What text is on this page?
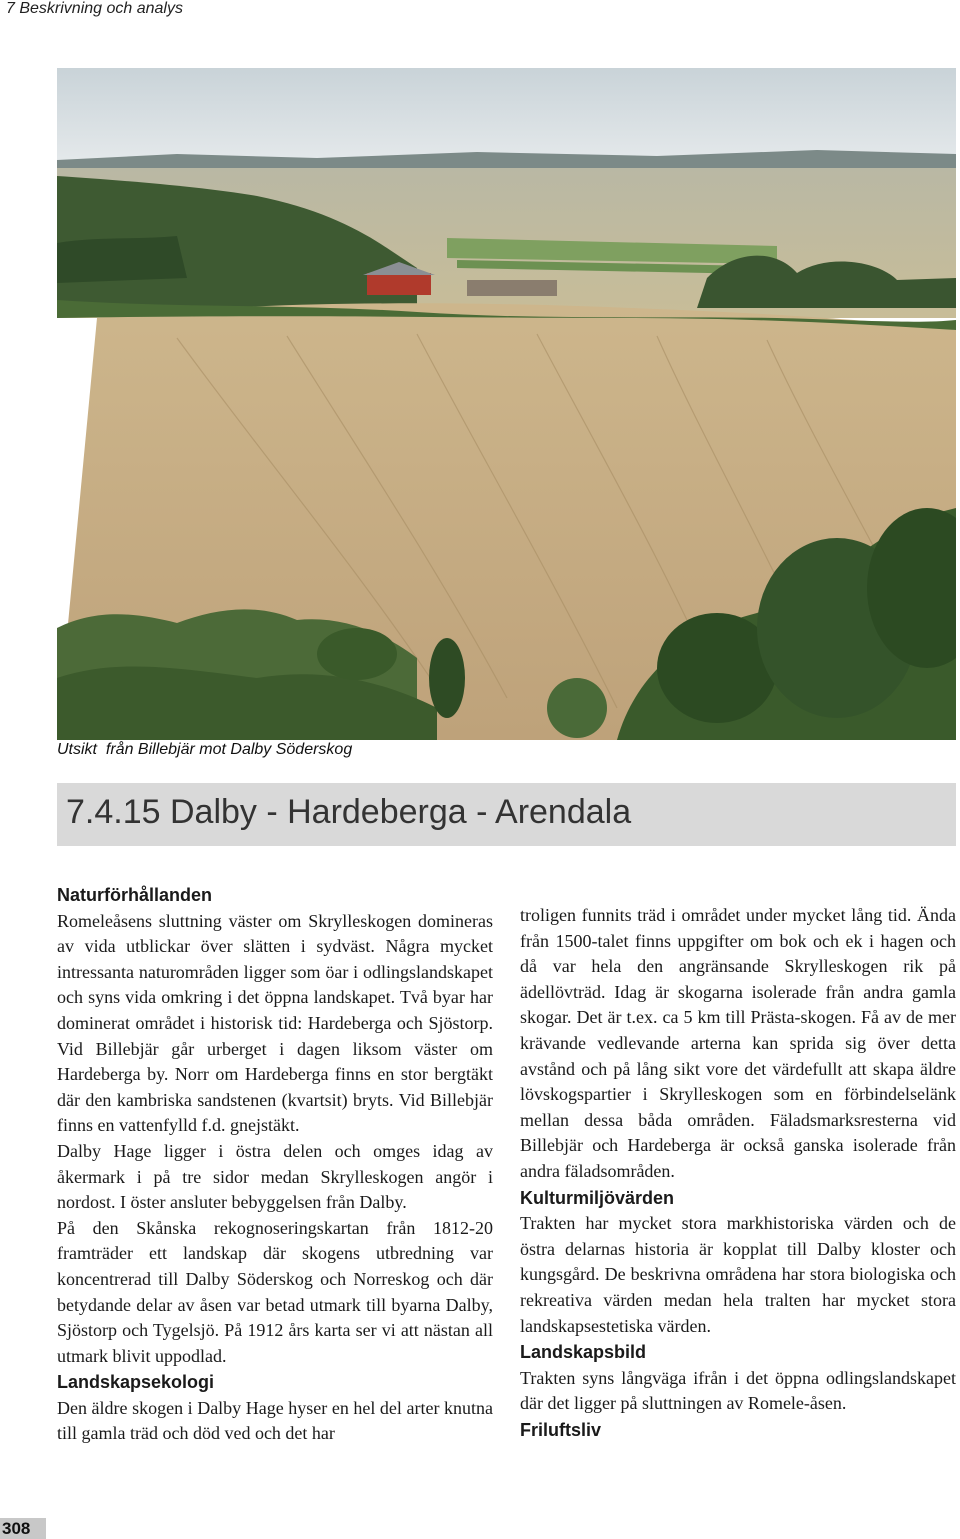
7 Beskrivning och analys
Utsikt  från Billebjär mot Dalby Söderskog
7.4.15 Dalby - Hardeberga - Arendala
Naturförhållanden

Romeleåsens sluttning väster om Skrylleskogen domineras av vida utblickar över slätten i sydväst. Några mycket intressanta naturområden ligger som öar i odlingslandskapet och syns vida omkring i det öppna landskapet. Två byar har dominerat området i historisk tid: Hardeberga och Sjöstorp. Vid Billebjär går urberget i dagen liksom väster om Hardeberga by. Norr om Hardeberga finns en stor bergtäkt där den kambriska sandstenen (kvartsit) bryts. Vid Billebjär finns en vattenfylld f.d. gnejstäkt.

Dalby Hage ligger i östra delen och omges idag av åkermark i på tre sidor medan Skrylleskogen angör i nordost. I öster ansluter bebyggelsen från Dalby.

På den Skånska rekognoseringskartan från 1812-20 framträder ett landskap där skogens utbredning var koncentrerad till Dalby Söderskog och Norreskog och där betydande delar av åsen var betad utmark till byarna Dalby, Sjöstorp och Tygelsjö. På 1912 års karta ser vi att nästan all utmark blivit uppodlad.

Landskapsekologi

Den äldre skogen i Dalby Hage hyser en hel del arter knutna till gamla träd och död ved och det har

troligen funnits träd i området under mycket lång tid. Ända från 1500-talet finns uppgifter om bok och ek i hagen och då var hela den angränsande Skrylleskogen rik på ädellövträd. Idag är skogarna isolerade från andra gamla skogar. Det är t.ex. ca 5 km till Prästa-skogen. Få av de mer krävande vedlevande arterna kan sprida sig över detta avstånd och på lång sikt vore det värdefullt att skapa äldre lövskogspartier i Skrylleskogen som en förbindelselänk mellan dessa båda områden. Fäladsmarksresterna vid Billebjär och Hardeberga är också ganska isolerade från andra fäladsområden.

Kulturmiljövärden

Trakten har mycket stora markhistoriska värden och de östra delarnas historia är kopplat till Dalby kloster och kungsgård. De beskrivna områdena har stora biologiska och rekreativa värden medan hela tralten har mycket stora landskapsestetiska värden.

Landskapsbild

Trakten syns långväga ifrån i det öppna odlingslandskapet där det ligger på sluttningen av Romele-åsen.

Friluftsliv
308
